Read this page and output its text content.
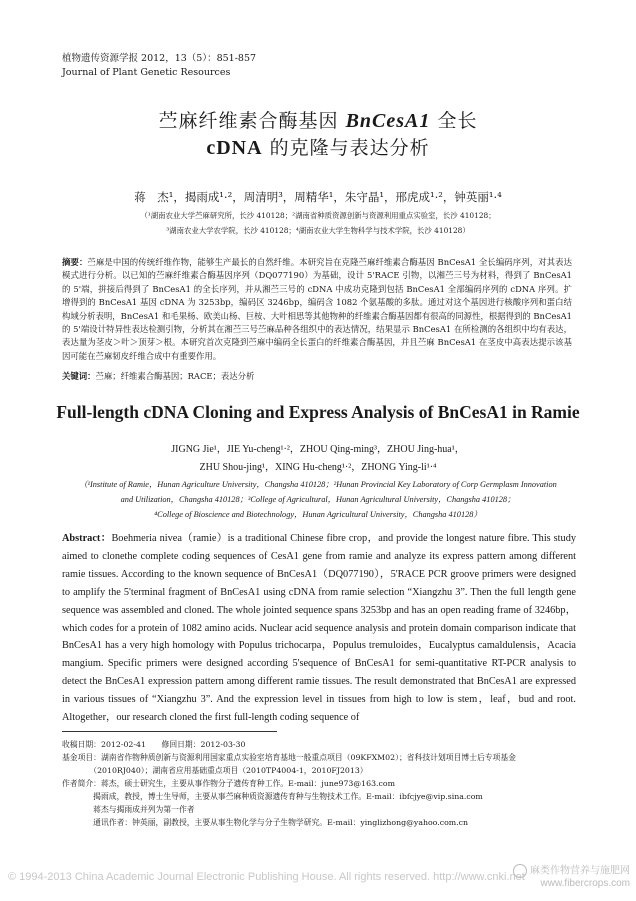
植物遗传资源学报 2012，13（5）：851-857
Journal of Plant Genetic Resources
苎麻纤维素合酶基因 BnCesA1 全长
cDNA 的克隆与表达分析
蒋　杰¹，揭雨成¹·²，周清明³，周精华¹，朱守晶¹，邢虎成¹·²，钟英丽¹·⁴
（¹湖南农业大学苎麻研究所，长沙 410128；²湖南省种质资源创新与资源利用重点实验室，长沙 410128；
³湖南农业大学农学院，长沙 410128；⁴湖南农业大学生物科学与技术学院，长沙 410128）
摘要：苎麻是中国的传统纤维作物，能够生产最长的自然纤维。本研究旨在克隆苎麻纤维素合酶基因 BnCesA1 全长编码序列，对其表达模式进行分析。以已知的苎麻纤维素合酶基因序列（DQ077190）为基础，设计 5'RACE 引物，以湘苎三号为材料，得到了 BnCesA1 的 5'端，拼接后得到了 BnCesA1 的全长序列，并从湘苎三号的 cDNA 中成功克隆到包括 BnCesA1 全部编码序列的 cDNA 序列。扩增得到的 BnCesA1 基因 cDNA 为 3253bp，编码区 3246bp，编码含 1082 个氨基酸的多肽。通过对这个基因进行核酸序列和蛋白结构域分析表明，BnCesA1 和毛果杨、欧美山杨、巨桉、大叶相思等其他物种的纤维素合酶基因都有很高的同源性，根据得到的 BnCesA1 的 5'端设计特异性表达检测引物，分析其在湘苎三号苎麻品种各组织中的表达情况，结果显示 BnCesA1 在所检测的各组织中均有表达，表达量为茎皮＞叶＞顶芽＞根。本研究首次克隆到苎麻中编码全长蛋白的纤维素合酶基因，并且苎麻 BnCesA1 在茎皮中高表达提示该基因可能在苎麻韧皮纤维合成中有重要作用。
关键词：苎麻；纤维素合酶基因；RACE；表达分析
Full-length cDNA Cloning and Express Analysis of BnCesA1 in Ramie
JIGNG Jie¹，JIE Yu-cheng¹·²，ZHOU Qing-ming³，ZHOU Jing-hua¹，
ZHU Shou-jing¹，XING Hu-cheng¹·²，ZHONG Ying-li¹·⁴
（¹Institute of Ramie，Hunan Agriculture University，Changsha 410128；²Hunan Provincial Key Laboratory of Corp Germplasm Innovation
and Utilization，Changsha 410128；³College of Agricultural，Hunan Agricultural University，Changsha 410128；
⁴College of Bioscience and Biotechnology，Hunan Agricultural University，Changsha 410128）
Abstract：Boehmeria nivea（ramie）is a traditional Chinese fibre crop，and provide the longest nature fibre. This study aimed to clonethe complete coding sequences of CesA1 gene from ramie and analyze its express pattern among different ramie tissues. According to the known sequence of BnCesA1（DQ077190），5'RACE PCR groove primers were designed to amplify the 5'terminal fragment of BnCesA1 using cDNA from ramie selection “Xiangzhu 3”. Then the full length gene sequence was assembled and cloned. The whole jointed sequence spans 3253bp and has an open reading frame of 3246bp，which codes for a protein of 1082 amino acids. Nuclear acid sequence analysis and protein domain comparison indicate that BnCesA1 has a very high homology with Populus trichocarpa，Populus tremuloides，Eucalyptus camaldulensis，Acacia mangium. Specific primers were designed according 5'sequence of BnCesA1 for semi-quantitative RT-PCR analysis to detect the BnCesA1 expression pattern among different ramie tissues. The result demonstrated that BnCesA1 are expressed in various tissues of “Xiangzhu 3”. And the expression level in tissues from high to low is stem，leaf，bud and root. Altogether，our research cloned the first full-length coding sequence of
收稿日期：2012-02-41　　修回日期：2012-03-30
基金项目：湖南省作物种质创新与资源利用国家重点实验室培育基地一般重点项目（09KFXM02）；省科技计划项目博士后专项基金
　　　　（2010RJ040）；湖南省应用基础重点项目（2010TP4004-1，2010FJ2013）
作者简介：蒋杰，硕士研究生，主要从事作物分子遗传育种工作。E-mail：june973@163.com
　　　　揭雨成，教授，博士生导师，主要从事苎麻种质资源遗传育种与生物技术工作。E-mail：ibfcjye@vip.sina.com
　　　　蒋杰与揭雨成并列为第一作者
　　　　通讯作者：钟英丽，副教授，主要从事生物化学与分子生物学研究。E-mail：yinglizhong@yahoo.com.cn
© 1994-2013 China Academic Journal Electronic Publishing House. All rights reserved. http://www.cnki.net 麻类作物营养与施肥网
www.fibercrops.com
